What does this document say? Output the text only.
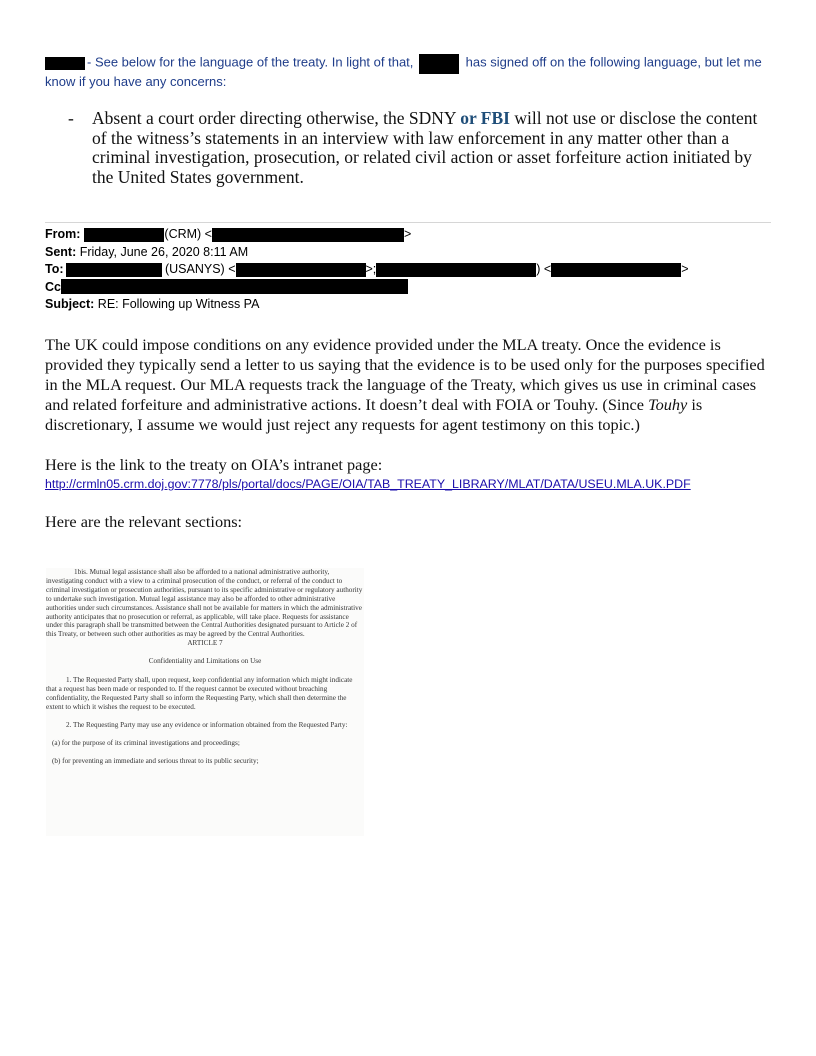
- See below for the language of the treaty. In light of that,	has signed off on the following language, but let me know if you have any concerns:
-	Absent a court order directing otherwise, the SDNY or FBI will not use or disclose the content of the witness’s statements in an interview with law enforcement in any matter other than a criminal investigation, prosecution, or related civil action or asset forfeiture action initiated by the United States government.
From:	(CRM) <	>
Sent: Friday, June 26, 2020 8:11 AM
To:	(USANYS) <	>;	) <	>
Cc
Subject: RE: Following up Witness PA

The UK could impose conditions on any evidence provided under the MLA treaty. Once the evidence is provided they typically send a letter to us saying that the evidence is to be used only for the purposes specified in the MLA request. Our MLA requests track the language of the Treaty, which gives us use in criminal cases and related forfeiture and administrative actions. It doesn’t deal with FOIA or Touhy. (Since Touhy is discretionary, I assume we would just reject any requests for agent testimony on this topic.)

Here is the link to the treaty on OIA’s intranet page:

http://crmln05.crm.doj.gov:7778/pls/portal/docs/PAGE/OIA/TAB_TREATY_LIBRARY/MLAT/DATA/USEU.MLA.UK.PDF

Here are the relevant sections:

1bis. Mutual legal assistance shall also be afforded to a national administrative authority, investigating conduct with a view to a criminal prosecution of the conduct, or referral of the conduct to criminal investigation or prosecution authorities, pursuant to its specific administrative or regulatory authority to undertake such investigation. Mutual legal assistance may also be afforded to other administrative authorities under such circumstances. Assistance shall not be available for matters in which the administrative authority anticipates that no prosecution or referral, as applicable, will take place. Requests for assistance under this paragraph shall be transmitted between the Central Authorities designated pursuant to Article 2 of this Treaty, or between such other authorities as may be agreed by the Central Authorities.

ARTICLE 7

Confidentiality and Limitations on Use

1. The Requested Party shall, upon request, keep confidential any information which might indicate that a request has been made or responded to. If the request cannot be executed without breaching confidentiality, the Requested Party shall so inform the Requesting Party, which shall then determine the extent to which it wishes the request to be executed.

2. The Requesting Party may use any evidence or information obtained from the Requested Party:

(a) for the purpose of its criminal investigations and proceedings;

(b) for preventing an immediate and serious threat to its public security;
